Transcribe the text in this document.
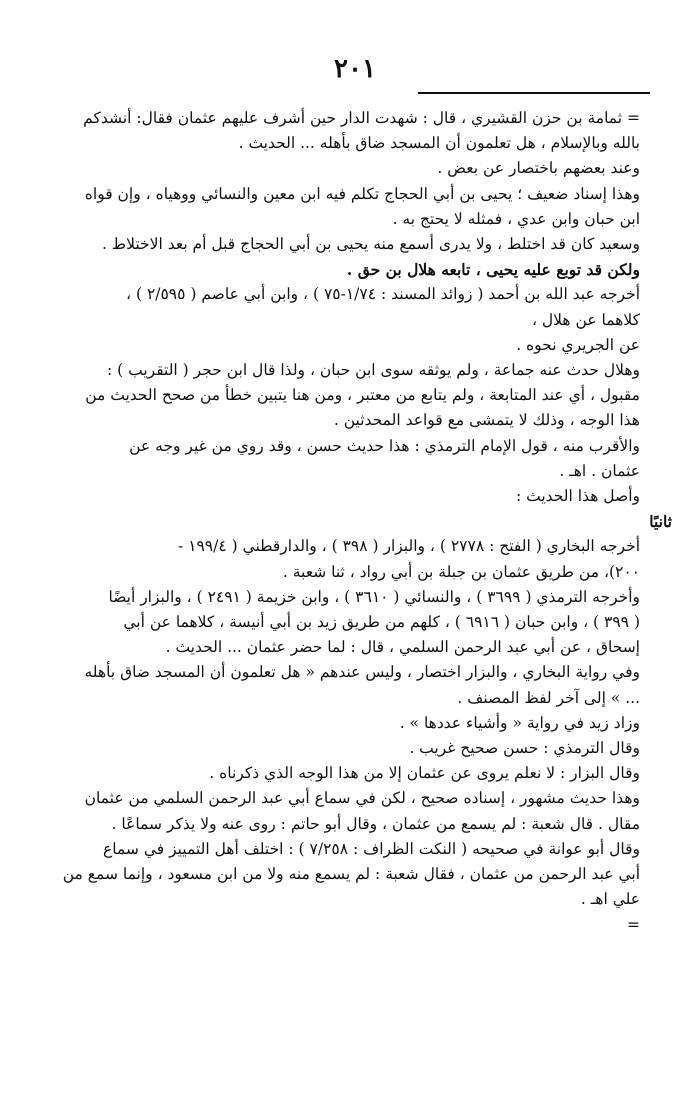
٢٠١

= ثمامة بن حزن القشيري ، قال : شهدت الدار حين أشرف عليهم عثمان فقال: أنشدكم

بالله وبالإسلام ، هل تعلمون أن المسجد ضاق بأهله ... الحديث .

وعند بعضهم باختصار عن بعض .

وهذا إسناد ضعيف ؛ يحيى بن أبي الحجاج تكلم فيه ابن معين والنسائي ووهياه ، وإن قواه

ابن حبان وابن عدي ، فمثله لا يحتج به .

وسعيد كان قد اختلط ، ولا يدرى أسمع منه يحيى بن أبي الحجاج قبل أم بعد الاختلاط .

ولكن قد توبع عليه يحيى ، تابعه هلال بن حق .

أخرجه عبد الله بن أحمد ( زوائد المسند : ١/٧٤-٧٥ ) ، وابن أبي عاصم ( ٢/٥٩٥ ) ،

كلاهما عن هلال ،

عن الجريري نحوه .

وهلال حدث عنه جماعة ، ولم يوثقه سوى ابن حبان ، ولذا قال ابن حجر ( التقريب ) :

مقبول ، أي عند المتابعة ، ولم يتابع من معتبر ، ومن هنا يتبين خطأ من صحح الحديث من

هذا الوجه ، وذلك لا يتمشى مع قواعد المحدثين .

والأقرب منه ، قول الإمام الترمذي : هذا حديث حسن ، وقد روي من غير وجه عن

عثمان . اهـ .

وأصل هذا الحديث :

ثانيًا

أخرجه البخاري ( الفتح : ٢٧٧٨ ) ، والبزار ( ٣٩٨ ) ، والدارقطني ( ١٩٩/٤ -

٢٠٠)، من طريق عثمان بن جبلة بن أبي رواد ، ثنا شعبة .

وأخرجه الترمذي ( ٣٦٩٩ ) ، والنسائي ( ٣٦١٠ ) ، وابن خزيمة ( ٢٤٩١ ) ، والبزار أيضًا

( ٣٩٩ ) ، وابن حبان ( ٦٩١٦ ) ، كلهم من طريق زيد بن أبي أنيسة ، كلاهما عن أبي

إسحاق ، عن أبي عبد الرحمن السلمي ، قال : لما حضر عثمان ... الحديث .

وفي رواية البخاري ، والبزار اختصار ، وليس عندهم « هل تعلمون أن المسجد ضاق بأهله

... » إلى آخر لفظ المصنف .

وزاد زيد في رواية « وأشياء عددها » .

وقال الترمذي : حسن صحيح غريب .

وقال البزار : لا نعلم يروى عن عثمان إلا من هذا الوجه الذي ذكرناه .

وهذا حديث مشهور ، إسناده صحيح ، لكن في سماع أبي عبد الرحمن السلمي من عثمان

مقال . قال شعبة : لم يسمع من عثمان ، وقال أبو حاتم : روى عنه ولا يذكر سماعًا .

وقال أبو عوانة في صحيحه ( النكت الظراف : ٧/٢٥٨ ) : اختلف أهل التمييز في سماع

أبي عبد الرحمن من عثمان ، فقال شعبة : لم يسمع منه ولا من ابن مسعود ، وإنما سمع من

علي اهـ .

=
